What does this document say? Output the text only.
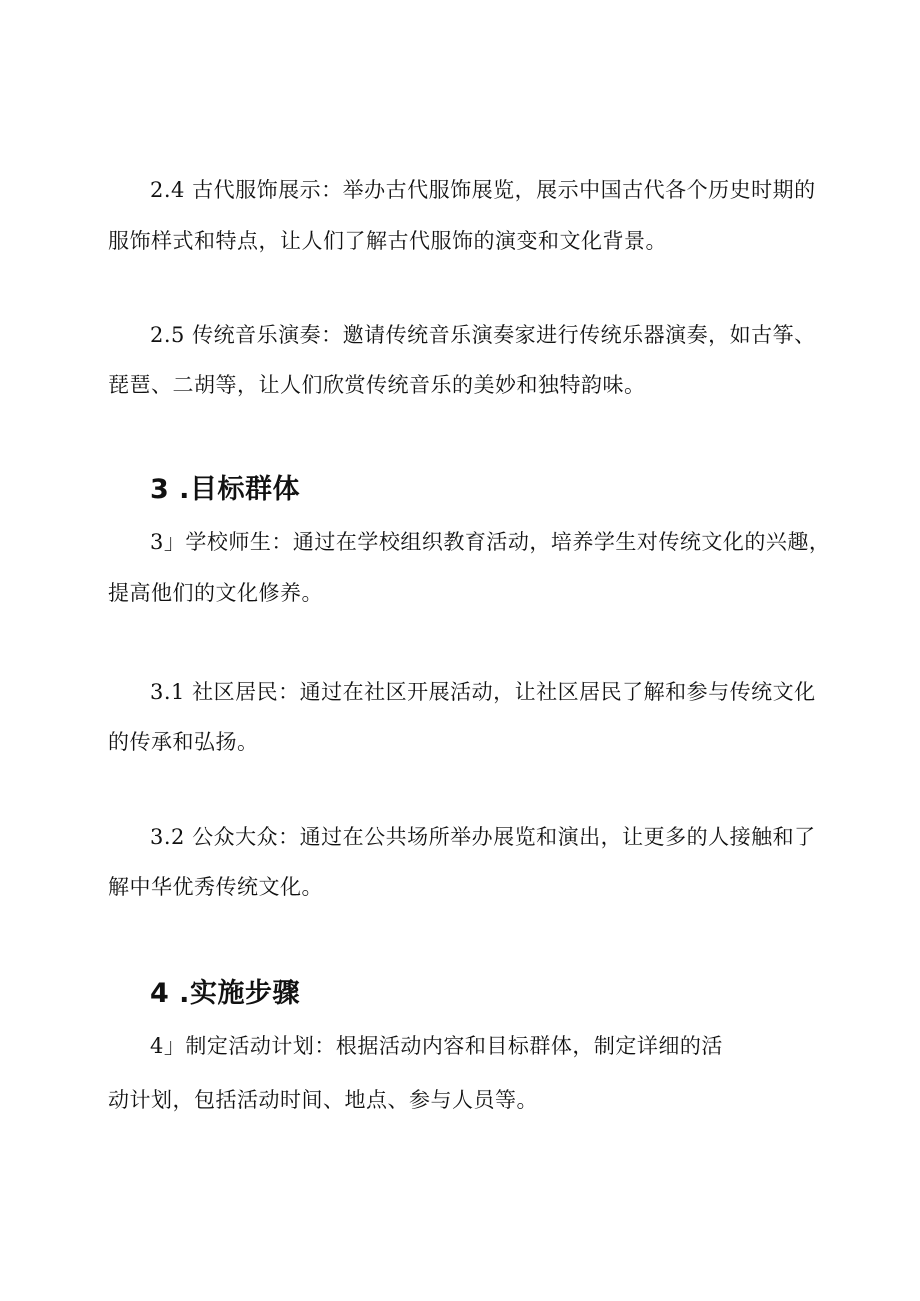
2.4 古代服饰展示：举办古代服饰展览，展示中国古代各个历史时期的
服饰样式和特点，让人们了解古代服饰的演变和文化背景。
2.5 传统音乐演奏：邀请传统音乐演奏家进行传统乐器演奏，如古筝、
琵琶、二胡等，让人们欣赏传统音乐的美妙和独特韵味。
3 .目标群体
3」学校师生：通过在学校组织教育活动，培养学生对传统文化的兴趣，
提高他们的文化修养。
3.1 社区居民：通过在社区开展活动，让社区居民了解和参与传统文化
的传承和弘扬。
3.2 公众大众：通过在公共场所举办展览和演出，让更多的人接触和了
解中华优秀传统文化。
4 .实施步骤
4」制定活动计划：根据活动内容和目标群体，制定详细的活
动计划，包括活动时间、地点、参与人员等。
